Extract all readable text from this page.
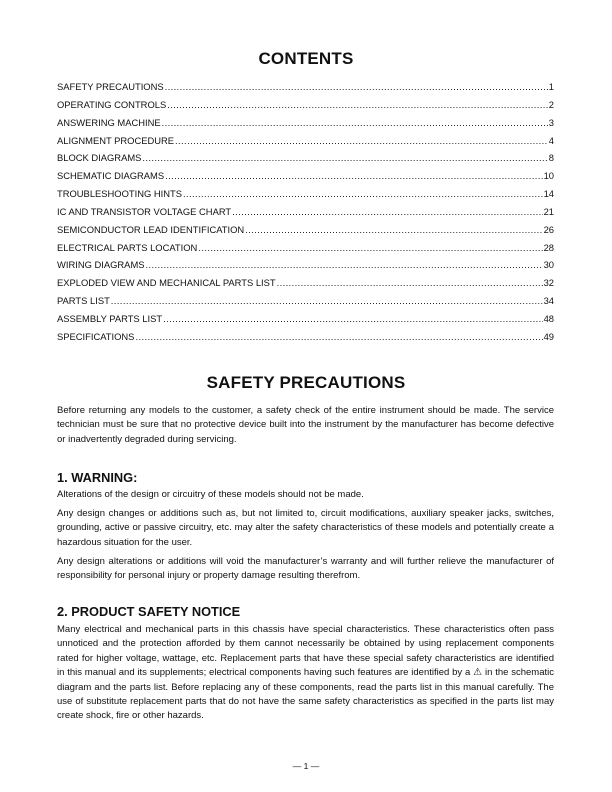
CONTENTS
SAFETY PRECAUTIONS .....	1
OPERATING CONTROLS .....	2
ANSWERING MACHINE .....	3
ALIGNMENT PROCEDURE .....	4
BLOCK DIAGRAMS .....	8
SCHEMATIC DIAGRAMS .....	10
TROUBLESHOOTING HINTS .....	14
IC AND TRANSISTOR VOLTAGE CHART .....	21
SEMICONDUCTOR LEAD IDENTIFICATION .....	26
ELECTRICAL PARTS LOCATION .....	28
WIRING DIAGRAMS .....	30
EXPLODED VIEW AND MECHANICAL PARTS LIST .....	32
PARTS LIST .....	34
ASSEMBLY PARTS LIST .....	48
SPECIFICATIONS .....	49
SAFETY PRECAUTIONS

Before returning any models to the customer, a safety check of the entire instrument should be made. The service technician must be sure that no protective device built into the instrument by the manufacturer has become defective or inadvertently degraded during servicing.

1. WARNING:

Alterations of the design or circuitry of these models should not be made.

Any design changes or additions such as, but not limited to, circuit modifications, auxiliary speaker jacks, switches, grounding, active or passive circuitry, etc. may alter the safety characteristics of these models and potentially create a hazardous situation for the user.

Any design alterations or additions will void the manufacturer’s warranty and will further relieve the manufacturer of responsibility for personal injury or property damage resulting therefrom.

2. PRODUCT SAFETY NOTICE

Many electrical and mechanical parts in this chassis have special characteristics. These characteristics often pass unnoticed and the protection afforded by them cannot necessarily be obtained by using replacement components rated for higher voltage, wattage, etc. Replacement parts that have these special safety characteristics are identified in this manual and its supplements; electrical components having such features are identified by a ⚠ in the schematic diagram and the parts list. Before replacing any of these components, read the parts list in this manual carefully. The use of substitute replacement parts that do not have the same safety characteristics as specified in the parts list may create shock, fire or other hazards.

— 1 —
